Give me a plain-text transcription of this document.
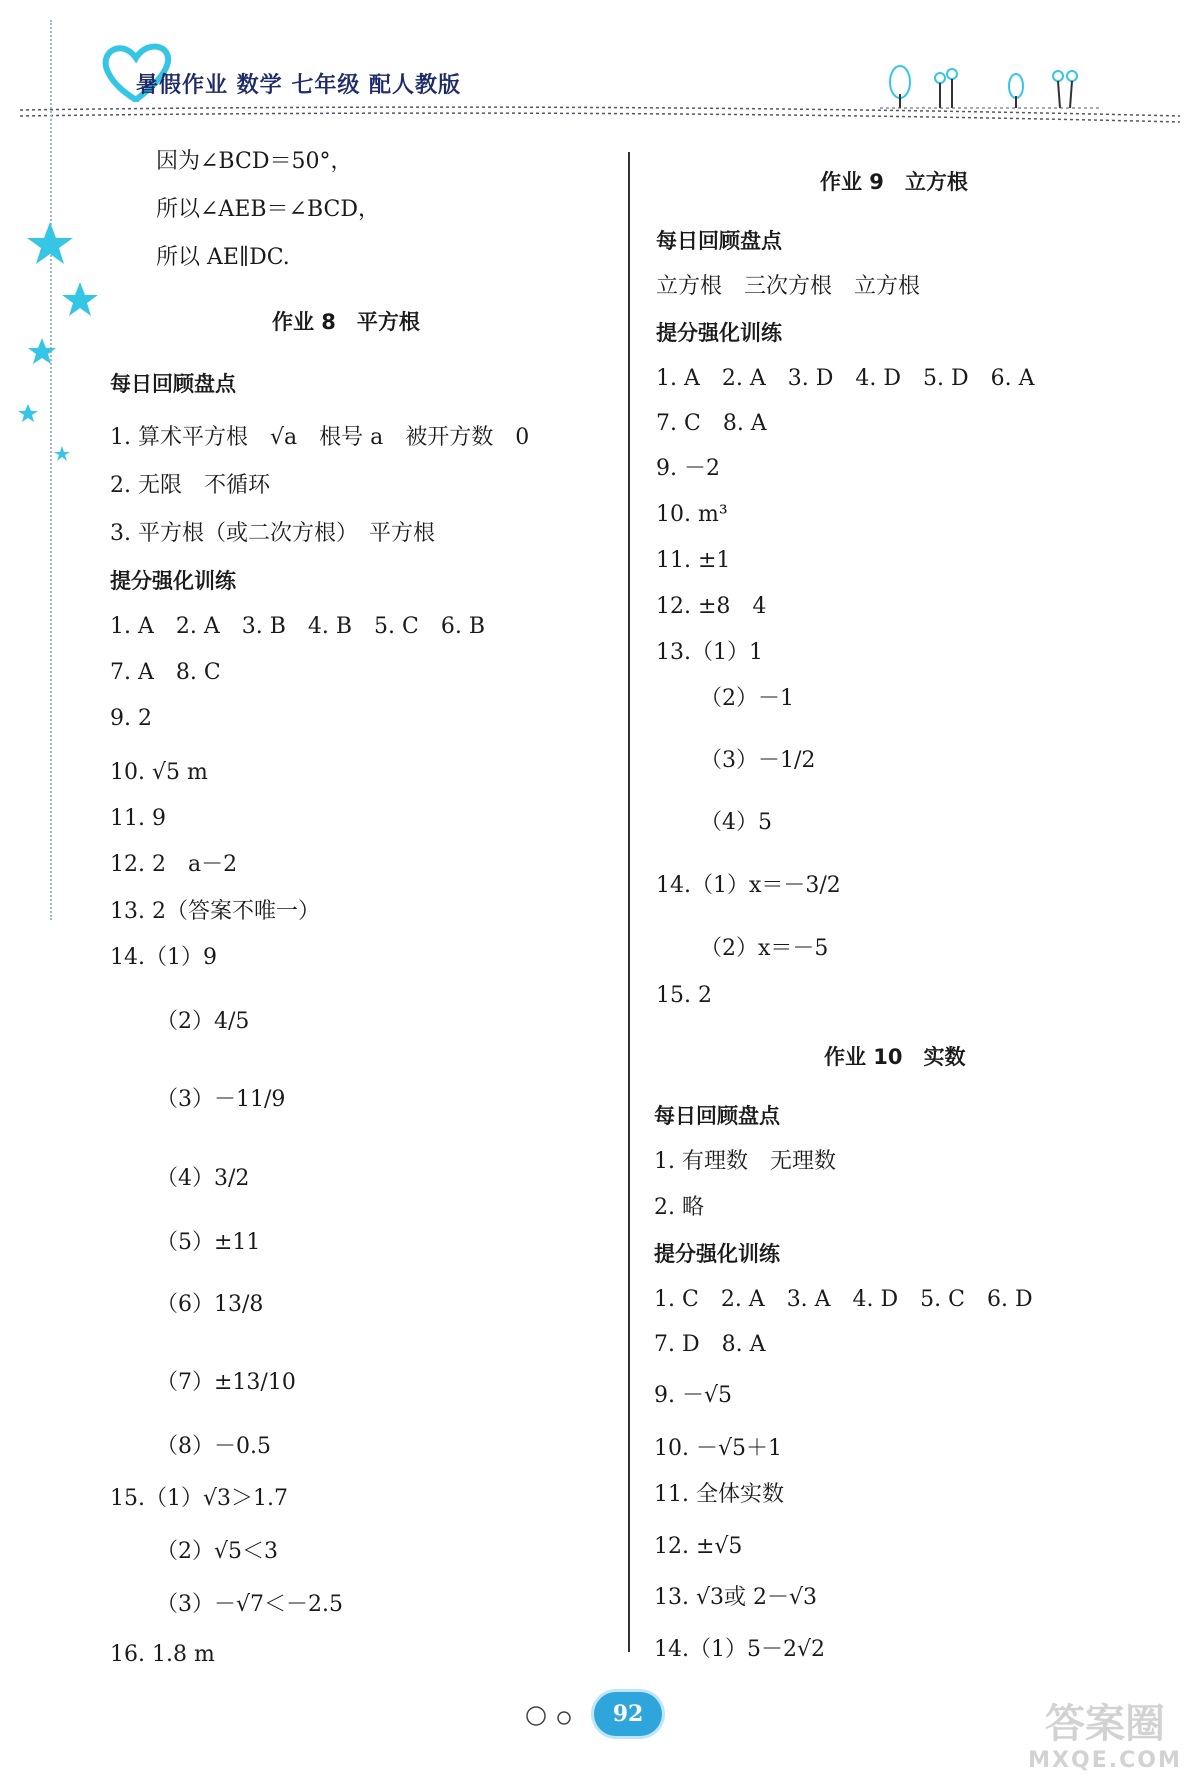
暑假作业 数学 七年级 配人教版
因为∠BCD＝50°，
所以∠AEB＝∠BCD，
所以 AE∥DC.
作业 8　平方根
每日回顾盘点
1. 算术平方根　√a　根号 a　被开方数　0
2. 无限　不循环
3. 平方根（或二次方根）　平方根
提分强化训练
1. A　2. A　3. B　4. B　5. C　6. B
7. A　8. C
9. 2
10. √5 m
11. 9
12. 2　a－2
13. 2（答案不唯一）
14.（1）9
（2）4/5
（3）－11/9
（4）3/2
（5）±11
（6）13/8
（7）±13/10
（8）－0.5
15.（1）√3＞1.7
（2）√5＜3
（3）－√7＜－2.5
16. 1.8 m
作业 9　立方根
每日回顾盘点
立方根　三次方根　立方根
提分强化训练
1. A　2. A　3. D　4. D　5. D　6. A
7. C　8. A
9. －2
10. m³
11. ±1
12. ±8　4
13.（1）1
（2）－1
（3）－1/2
（4）5
14.（1）x＝－3/2
（2）x＝－5
15. 2
作业 10　实数
每日回顾盘点
1. 有理数　无理数
2. 略
提分强化训练
1. C　2. A　3. A　4. D　5. C　6. D
7. D　8. A
9. －√5
10. －√5＋1
11. 全体实数
12. ±√5
13. √3或 2－√3
14.（1）5－2√2
92	答案圈
MXQE.COM
